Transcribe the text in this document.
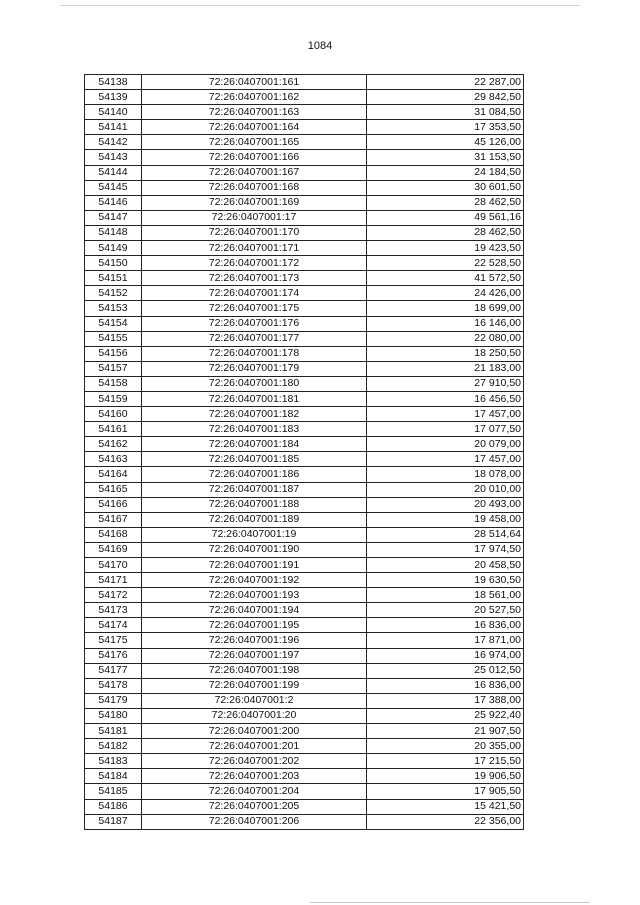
1084
54138	72:26:0407001:161	22 287,00
54139	72:26:0407001:162	29 842,50
54140	72:26:0407001:163	31 084,50
54141	72:26:0407001:164	17 353,50
54142	72:26:0407001:165	45 126,00
54143	72:26:0407001:166	31 153,50
54144	72:26:0407001:167	24 184,50
54145	72:26:0407001:168	30 601,50
54146	72:26:0407001:169	28 462,50
54147	72:26:0407001:17	49 561,16
54148	72:26:0407001:170	28 462,50
54149	72:26:0407001:171	19 423,50
54150	72:26:0407001:172	22 528,50
54151	72:26:0407001:173	41 572,50
54152	72:26:0407001:174	24 426,00
54153	72:26:0407001:175	18 699,00
54154	72:26:0407001:176	16 146,00
54155	72:26:0407001:177	22 080,00
54156	72:26:0407001:178	18 250,50
54157	72:26:0407001:179	21 183,00
54158	72:26:0407001:180	27 910,50
54159	72:26:0407001:181	16 456,50
54160	72:26:0407001:182	17 457,00
54161	72:26:0407001:183	17 077,50
54162	72:26:0407001:184	20 079,00
54163	72:26:0407001:185	17 457,00
54164	72:26:0407001:186	18 078,00
54165	72:26:0407001:187	20 010,00
54166	72:26:0407001:188	20 493,00
54167	72:26:0407001:189	19 458,00
54168	72:26:0407001:19	28 514,64
54169	72:26:0407001:190	17 974,50
54170	72:26:0407001:191	20 458,50
54171	72:26:0407001:192	19 630,50
54172	72:26:0407001:193	18 561,00
54173	72:26:0407001:194	20 527,50
54174	72:26:0407001:195	16 836,00
54175	72:26:0407001:196	17 871,00
54176	72:26:0407001:197	16 974,00
54177	72:26:0407001:198	25 012,50
54178	72:26:0407001:199	16 836,00
54179	72:26:0407001:2	17 388,00
54180	72:26:0407001:20	25 922,40
54181	72:26:0407001:200	21 907,50
54182	72:26:0407001:201	20 355,00
54183	72:26:0407001:202	17 215,50
54184	72:26:0407001:203	19 906,50
54185	72:26:0407001:204	17 905,50
54186	72:26:0407001:205	15 421,50
54187	72:26:0407001:206	22 356,00
